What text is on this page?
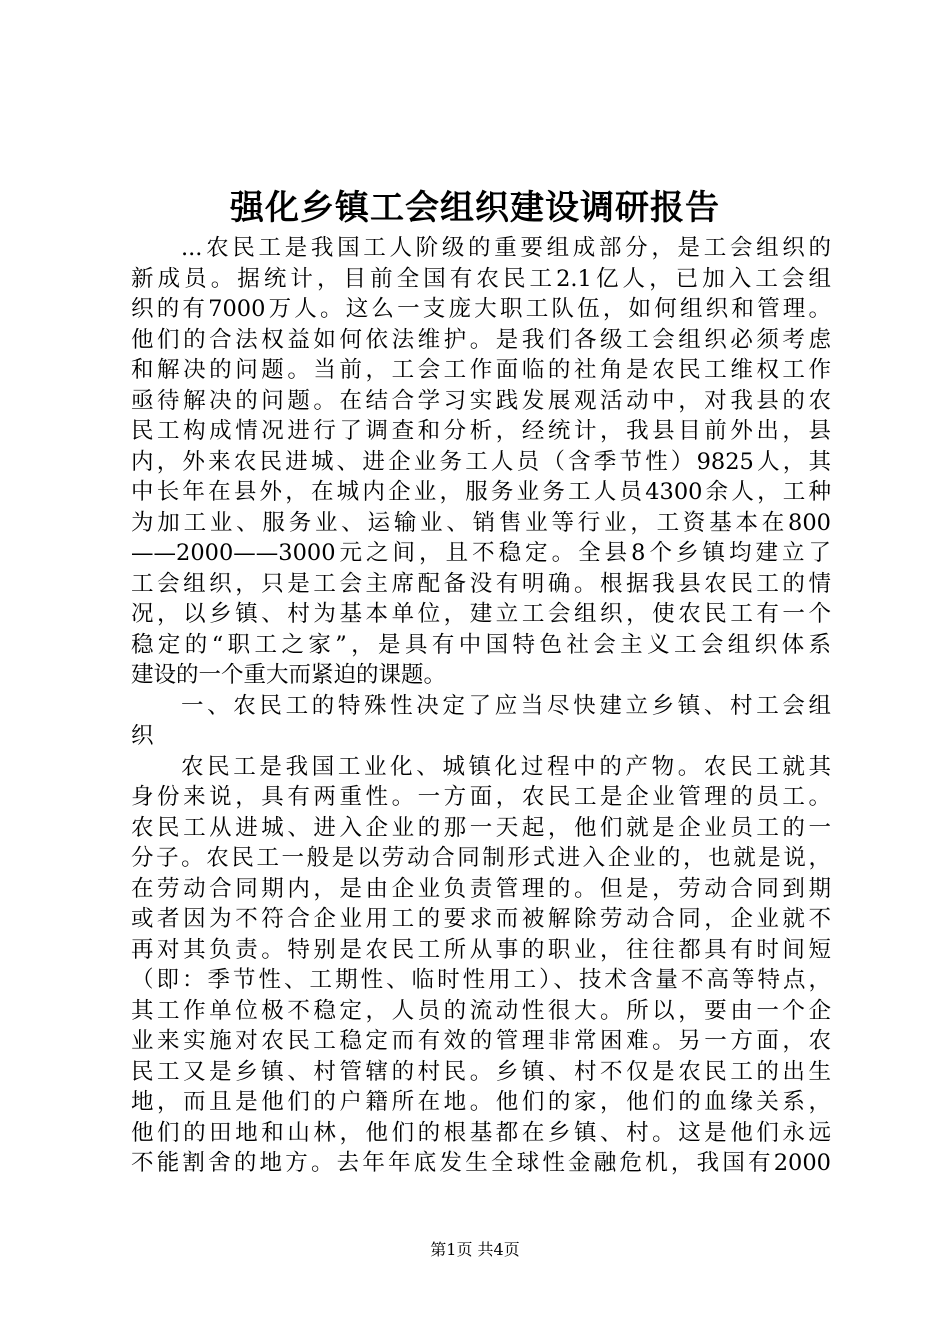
强化乡镇工会组织建设调研报告
...农民工是我国工人阶级的重要组成部分，是工会组织的
新成员。据统计，目前全国有农民工2.1亿人，已加入工会组
织的有7000万人。这么一支庞大职工队伍，如何组织和管理。
他们的合法权益如何依法维护。是我们各级工会组织必须考虑
和解决的问题。当前，工会工作面临的社角是农民工维权工作
亟待解决的问题。在结合学习实践发展观活动中，对我县的农
民工构成情况进行了调查和分析，经统计，我县目前外出，县
内，外来农民进城、进企业务工人员（含季节性）9825人，其
中长年在县外，在城内企业，服务业务工人员4300余人，工种
为加工业、服务业、运输业、销售业等行业，工资基本在800
——2000——3000元之间，且不稳定。全县8个乡镇均建立了
工会组织，只是工会主席配备没有明确。根据我县农民工的情
况，以乡镇、村为基本单位，建立工会组织，使农民工有一个
稳定的“职工之家”，是具有中国特色社会主义工会组织体系
建设的一个重大而紧迫的课题。
一、农民工的特殊性决定了应当尽快建立乡镇、村工会组
织
农民工是我国工业化、城镇化过程中的产物。农民工就其
身份来说，具有两重性。一方面，农民工是企业管理的员工。
农民工从进城、进入企业的那一天起，他们就是企业员工的一
分子。农民工一般是以劳动合同制形式进入企业的，也就是说，
在劳动合同期内，是由企业负责管理的。但是，劳动合同到期
或者因为不符合企业用工的要求而被解除劳动合同，企业就不
再对其负责。特别是农民工所从事的职业，往往都具有时间短
（即：季节性、工期性、临时性用工）、技术含量不高等特点，
其工作单位极不稳定，人员的流动性很大。所以，要由一个企
业来实施对农民工稳定而有效的管理非常困难。另一方面，农
民工又是乡镇、村管辖的村民。乡镇、村不仅是农民工的出生
地，而且是他们的户籍所在地。他们的家，他们的血缘关系，
他们的田地和山林，他们的根基都在乡镇、村。这是他们永远
不能割舍的地方。去年年底发生全球性金融危机，我国有2000
第1页 共4页
